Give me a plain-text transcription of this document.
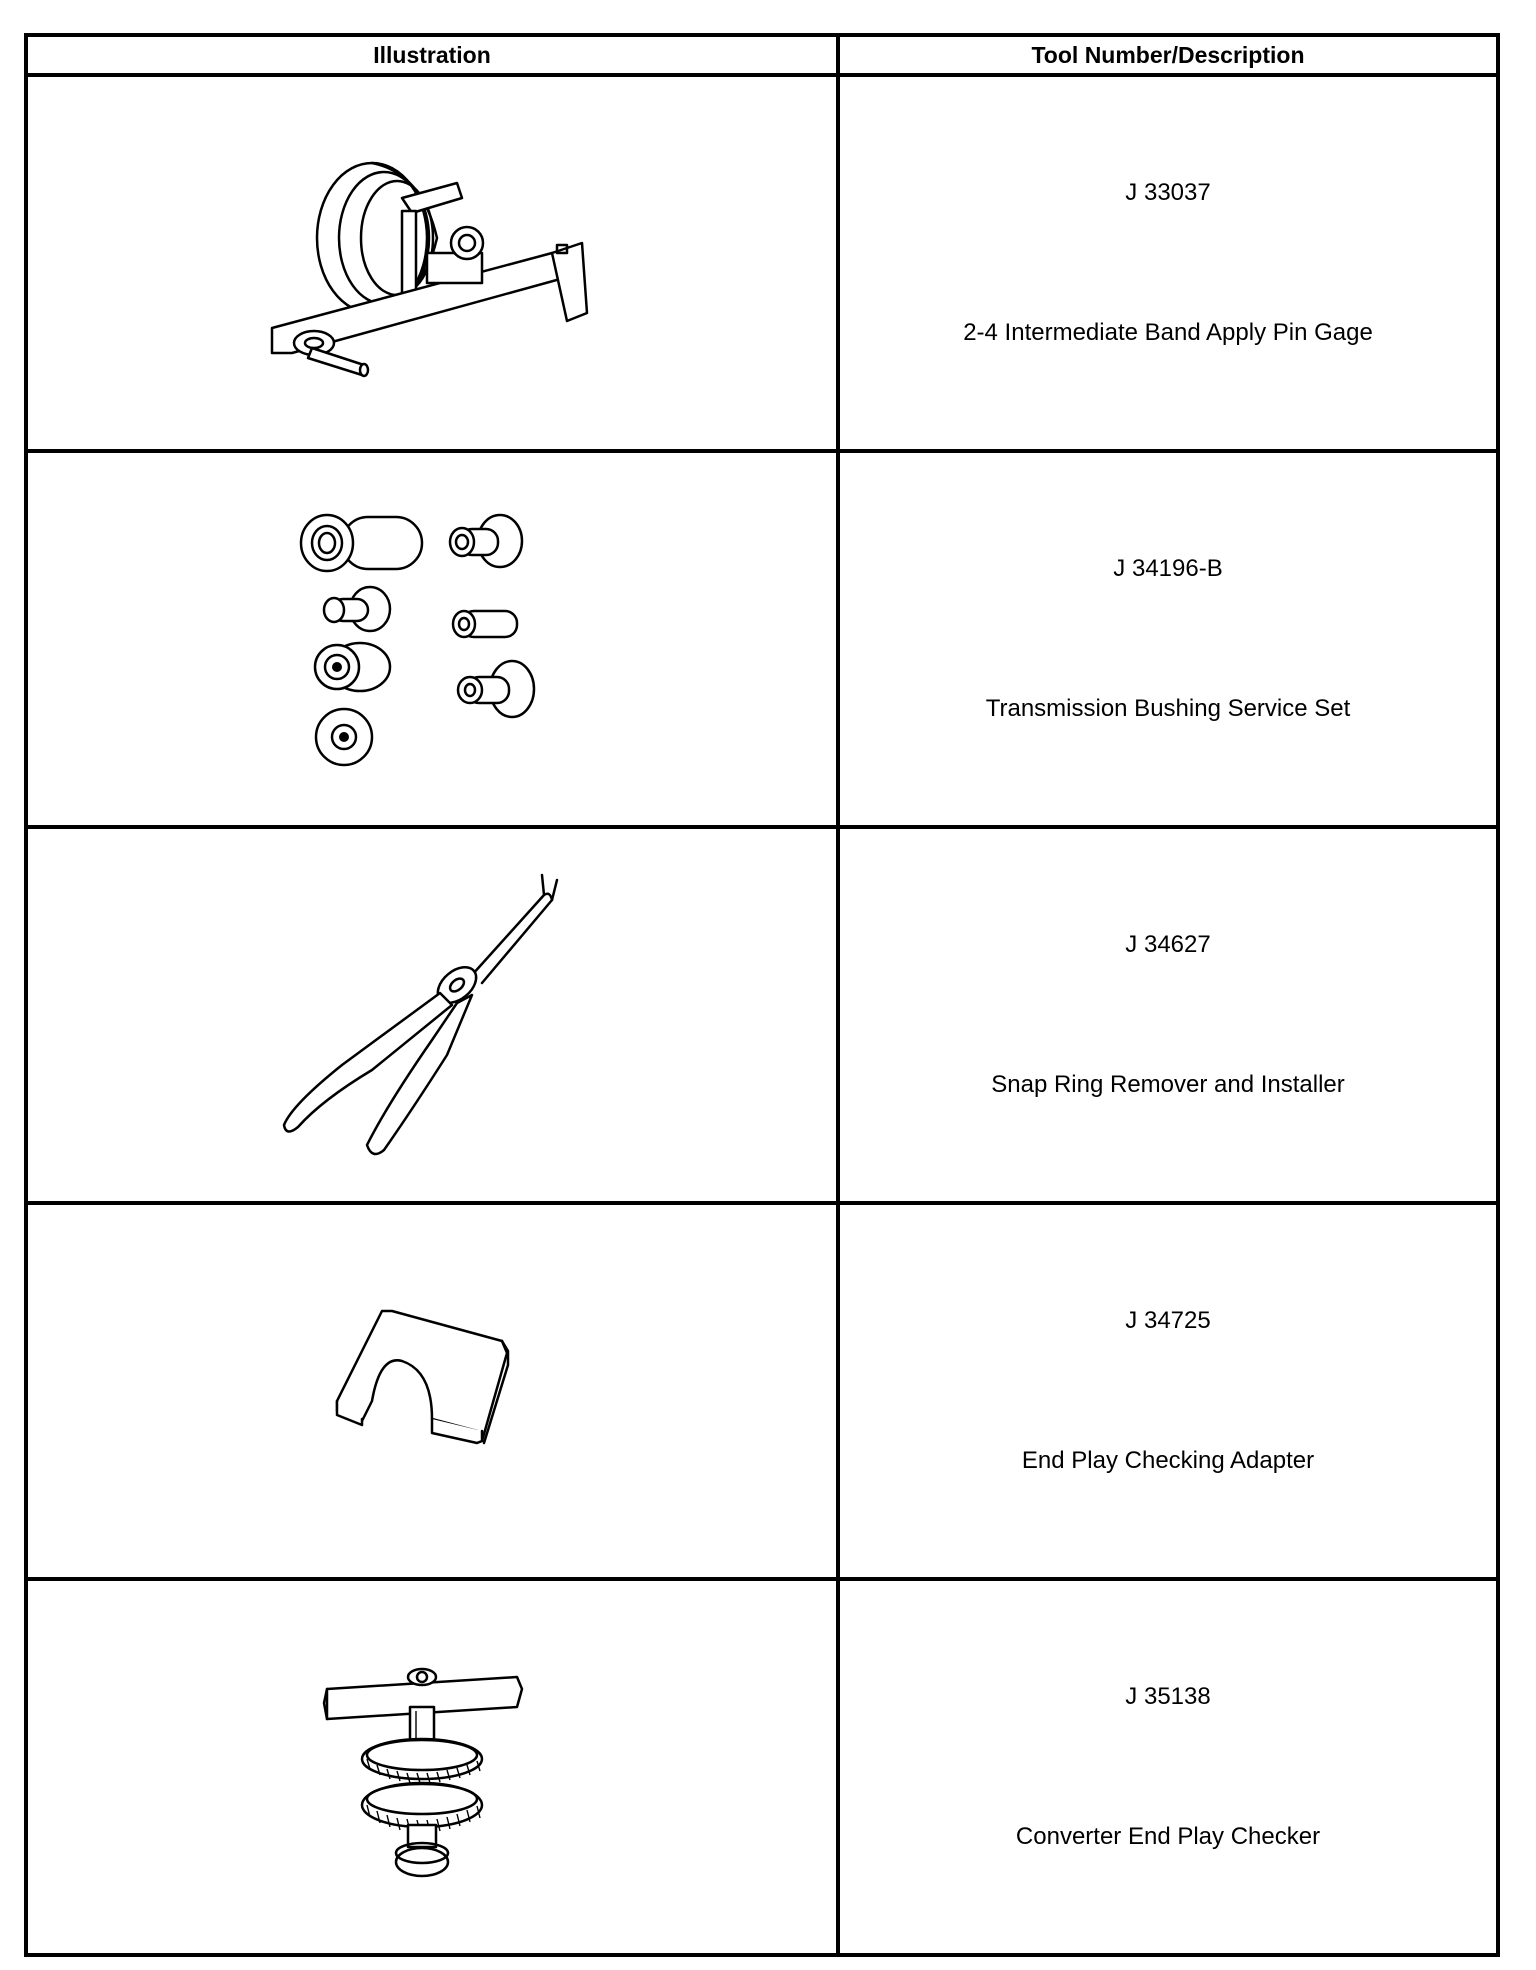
Illustration	Tool Number/Description

J 33037
2-4 Intermediate Band Apply Pin Gage

J 34196-B
Transmission Bushing Service Set

J 34627
Snap Ring Remover and Installer

J 34725
End Play Checking Adapter

J 35138
Converter End Play Checker
